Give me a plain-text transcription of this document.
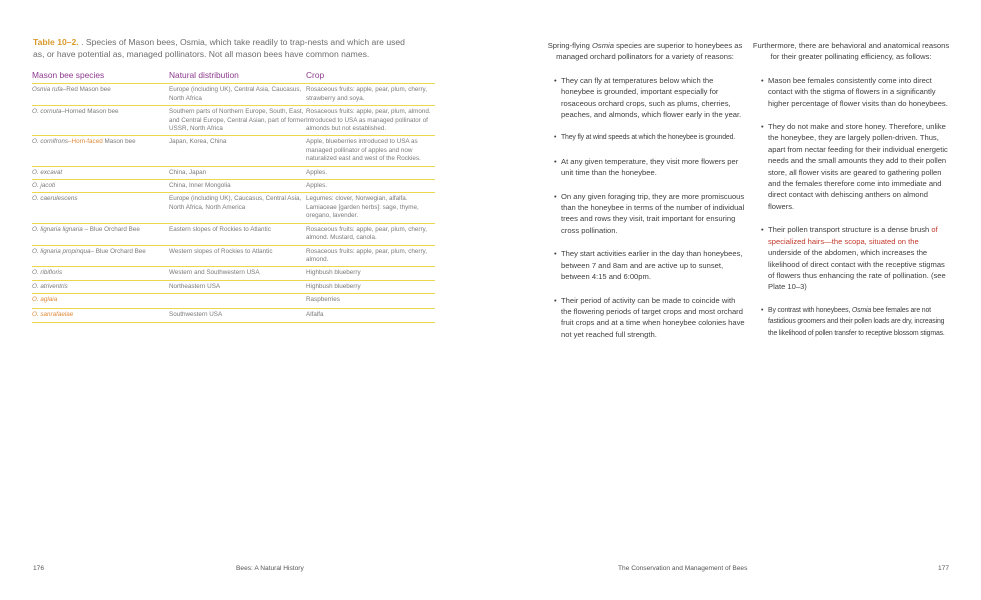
Table 10–2. . Species of Mason bees, Osmia, which take readily to trap-nests and which are used as, or have potential as, managed pollinators. Not all mason bees have common names.
Mason bee species	Natural distribution	Crop
Osmia rufa–Red Mason bee	Europe (including UK), Central Asia, Caucasus, North Africa	Rosaceous fruits: apple, pear, plum, cherry, strawberry and soya.
O. cornuta–Horned Mason bee	Southern parts of Northern Europe, South, East, and Central Europe, Central Asian, part of former USSR, North Africa	Rosaceous fruits: apple, pear, plum, almond. Introduced to USA as managed pollinator of almonds but not established.
O. cornifrons–Horn-faced Mason bee	Japan, Korea, China	Apple, blueberries introduced to USA as managed pollinator of apples and now naturalized east and west of the Rockies.
O. excavat	China, Japan	Apples.
O. jacoti	China, Inner Mongolia	Apples.
O. caerulescens	Europe (including UK), Caucasus, Central Asia, North Africa, North America	Legumes: clover, Norwegian, alfalfa. Lamiaceae [garden herbs]: sage, thyme, oregano, lavender.
O. lignaria lignaria – Blue Orchard Bee	Eastern slopes of Rockies to Atlantic	Rosaceous fruits: apple, pear, plum, cherry, almond. Mustard, canola.
O. lignaria propinqua– Blue Orchard Bee	Western slopes of Rockies to Atlantic	Rosaceous fruits: apple, pear, plum, cherry, almond.
O. ribifloris	Western and Southwestern USA	Highbush blueberry
O. atriventris	Northeastern USA	Highbush blueberry
O. aglaia		Raspberries
O. sanrafaelae	Southwestern USA	Alfalfa
176	Bees: A Natural History

Spring-flying Osmia species are superior to honeybees as managed orchard pollinators for a variety of reasons:

• They can fly at temperatures below which the honeybee is grounded, important especially for rosaceous orchard crops, such as plums, cherries, peaches, and almonds, which flower early in the year.
• They fly at wind speeds at which the honeybee is grounded.
• At any given temperature, they visit more flowers per unit time than the honeybee.
• On any given foraging trip, they are more promiscuous than the honeybee in terms of the number of individual trees and rows they visit, trait important for ensuring cross pollination.
• They start activities earlier in the day than honeybees, between 7 and 8am and are active up to sunset, between 4:15 and 6:00pm.
• Their period of activity can be made to coincide with the flowering periods of target crops and most orchard fruit crops and at a time when honeybee colonies have not yet reached full strength.

Furthermore, there are behavioral and anatomical reasons for their greater pollinating efficiency, as follows:

• Mason bee females consistently come into direct contact with the stigma of flowers in a significantly higher percentage of flower visits than do honeybees.
• They do not make and store honey. Therefore, unlike the honeybee, they are largely pollen-driven. Thus, apart from nectar feeding for their individual energetic needs and the small amounts they add to their pollen store, all flower visits are geared to gathering pollen and the females therefore come into immediate and direct contact with dehiscing anthers on almond flowers.
• Their pollen transport structure is a dense brush of specialized hairs—the scopa, situated on the underside of the abdomen, which increases the likelihood of direct contact with the receptive stigmas of flowers thus enhancing the rate of pollination. (see Plate 10–3)
• By contrast with honeybees, Osmia bee females are not fastidious groomers and their pollen loads are dry, increasing the likelihood of pollen transfer to receptive blossom stigmas.
The Conservation and Management of Bees	177
